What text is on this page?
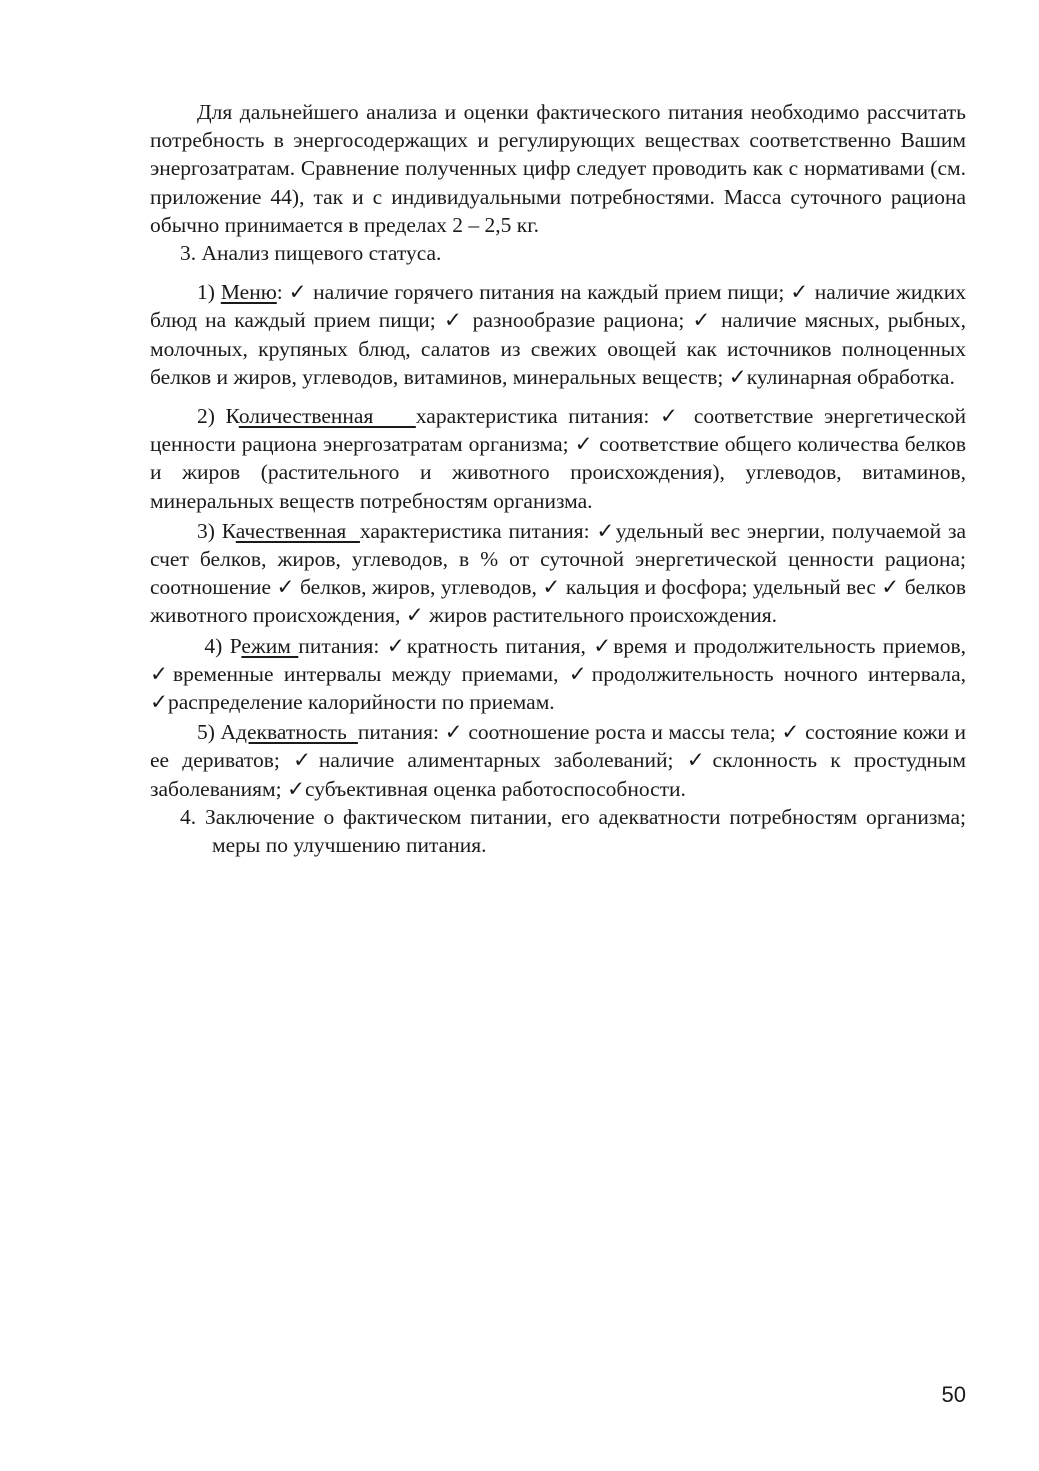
Для дальнейшего анализа и оценки фактического питания необходимо рассчитать потребность в энергосодержащих и регулирующих веществах соответственно Вашим энергозатратам. Сравнение полученных цифр следует проводить как с нормативами (см. приложение 44), так и с индивидуальными потребностями. Масса суточного рациона обычно принимается в пределах 2 – 2,5 кг.

3. Анализ пищевого статуса.

1) Меню: ✓ наличие горячего питания на каждый прием пищи; ✓ наличие жидких блюд на каждый прием пищи; ✓ разнообразие рациона; ✓ наличие мясных, рыбных, молочных, крупяных блюд, салатов из свежих овощей как источников полноценных белков и жиров, углеводов, витаминов, минеральных веществ; ✓кулинарная обработка.

2) Количественная    характеристика питания: ✓ соответствие энергетической ценности рациона энергозатратам организма; ✓ соответствие общего количества белков и жиров (растительного и животного происхождения), углеводов, витаминов, минеральных веществ потребностям организма.

3) Качественная  характеристика питания: ✓удельный вес энергии, получаемой за счет белков, жиров, углеводов, в % от суточной энергетической ценности рациона; соотношение ✓ белков, жиров, углеводов, ✓ кальция и фосфора; удельный вес ✓ белков животного происхождения, ✓ жиров растительного происхождения.

4) Режим питания: ✓кратность питания, ✓время и продолжительность приемов, ✓временные интервалы между приемами, ✓продолжительность ночного интервала, ✓распределение калорийности по приемам.

5) Адекватность  питания: ✓ соотношение роста и массы тела; ✓ состояние кожи и ее дериватов; ✓наличие алиментарных заболеваний; ✓склонность к простудным заболеваниям; ✓субъективная оценка работоспособности.

4. Заключение о фактическом питании, его адекватности потребностям организма; меры по улучшению питания.

50
